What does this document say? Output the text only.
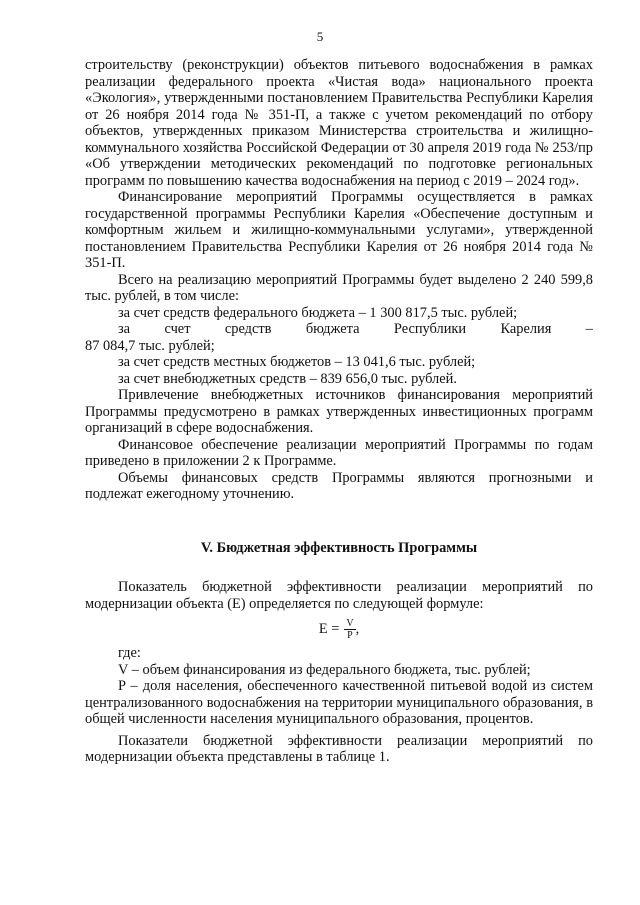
5

строительству (реконструкции) объектов питьевого водоснабжения в рамках реализации федерального проекта «Чистая вода» национального проекта «Экология», утвержденными постановлением Правительства Республики Карелия от 26 ноября 2014 года № 351-П, а также с учетом рекомендаций по отбору объектов, утвержденных приказом Министерства строительства и жилищно-коммунального хозяйства Российской Федерации от 30 апреля 2019 года № 253/пр «Об утверждении методических рекомендаций по подготовке региональных программ по повышению качества водоснабжения на период с 2019 – 2024 год».

Финансирование мероприятий Программы осуществляется в рамках государственной программы Республики Карелия «Обеспечение доступным и комфортным жильем и жилищно-коммунальными услугами», утвержденной постановлением Правительства Республики Карелия от 26 ноября 2014 года № 351-П.

Всего на реализацию мероприятий Программы будет выделено 2 240 599,8 тыс. рублей, в том числе:

за счет средств федерального бюджета – 1 300 817,5 тыс. рублей;

за счет средств бюджета Республики Карелия –

87 084,7 тыс. рублей;

за счет средств местных бюджетов – 13 041,6 тыс. рублей;

за счет внебюджетных средств – 839 656,0 тыс. рублей.

Привлечение внебюджетных источников финансирования мероприятий Программы предусмотрено в рамках утвержденных инвестиционных программ организаций в сфере водоснабжения.

Финансовое обеспечение реализации мероприятий Программы по годам приведено в приложении 2 к Программе.

Объемы финансовых средств Программы являются прогнозными и подлежат ежегодному уточнению.

V. Бюджетная эффективность Программы

Показатель бюджетной эффективности реализации мероприятий по модернизации объекта (E) определяется по следующей формуле:

$E = \frac{V}{P}$ ,

где:

V – объем финансирования из федерального бюджета, тыс. рублей;

P – доля населения, обеспеченного качественной питьевой водой из систем централизованного водоснабжения на территории муниципального образования, в общей численности населения муниципального образования, процентов.

Показатели бюджетной эффективности реализации мероприятий по модернизации объекта представлены в таблице 1.
